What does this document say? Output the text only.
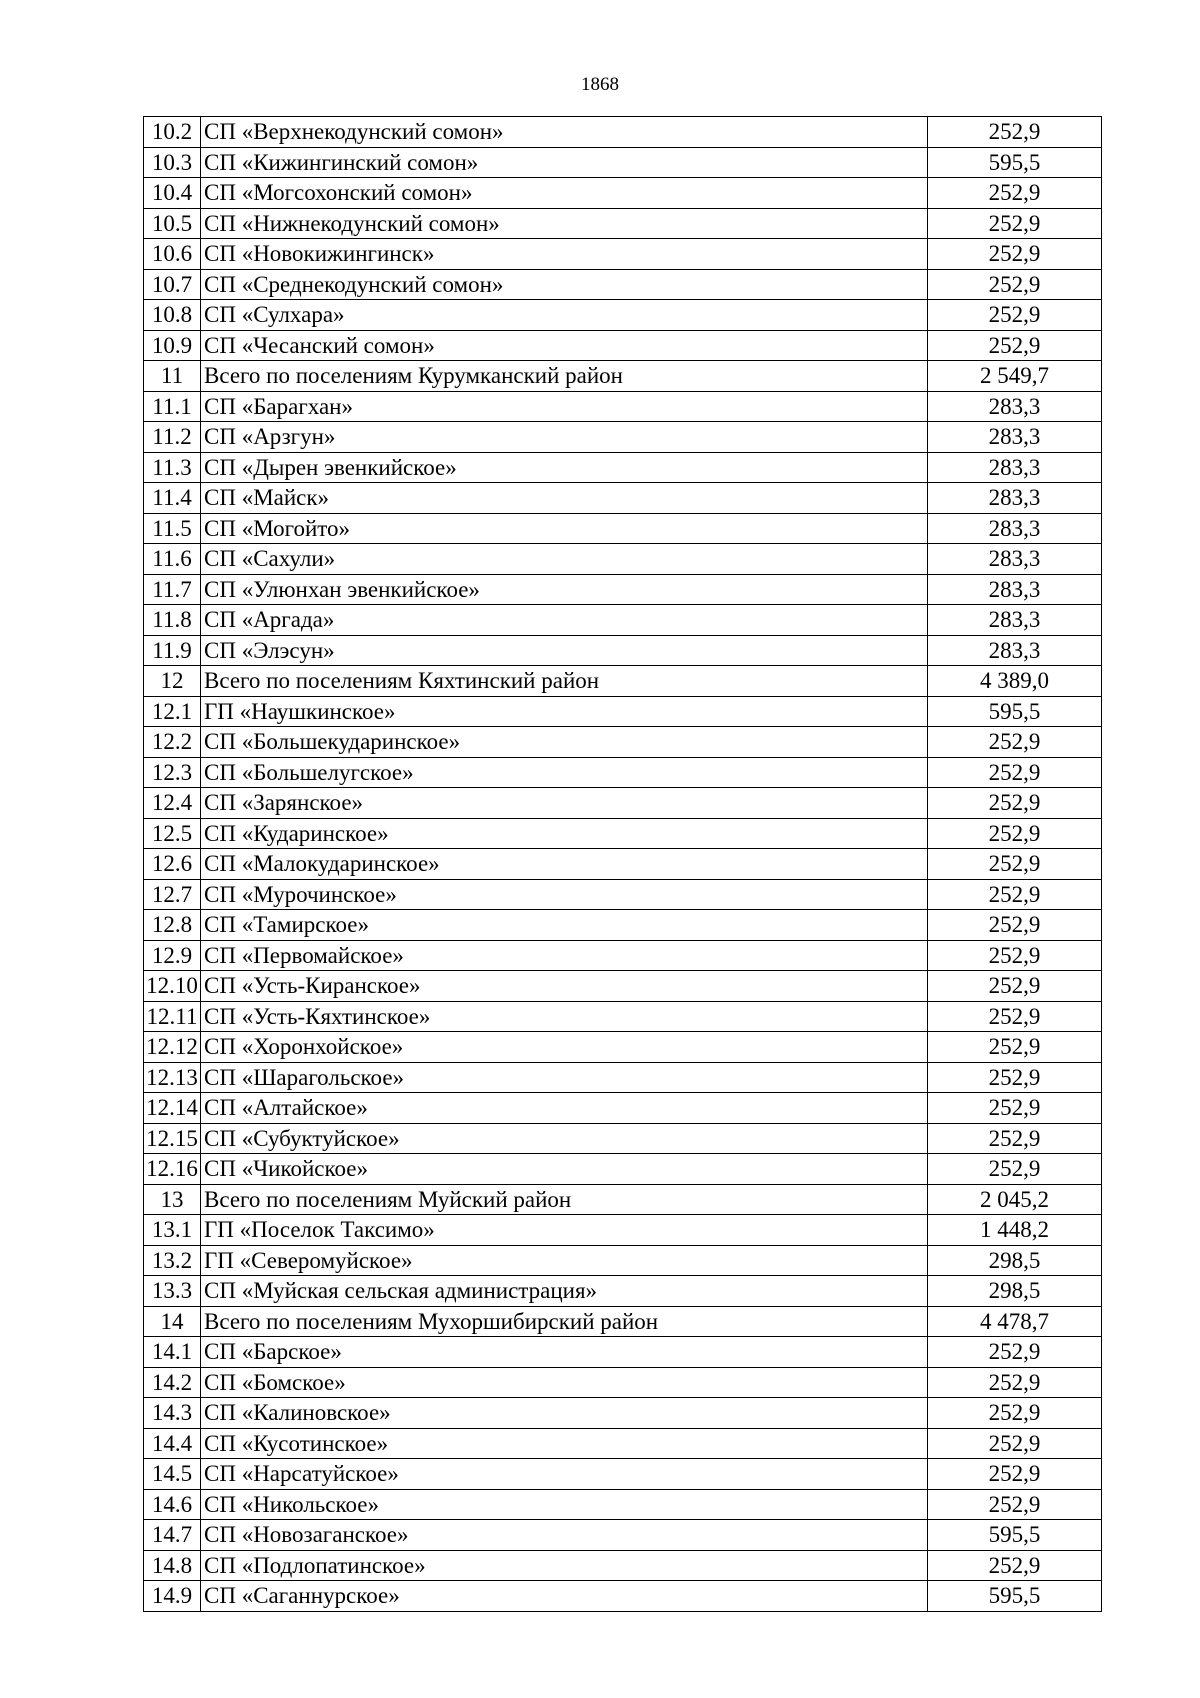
1868
10.2	СП «Верхнекодунский сомон»	252,9
10.3	СП «Кижингинский сомон»	595,5
10.4	СП «Могсохонский сомон»	252,9
10.5	СП «Нижнекодунский сомон»	252,9
10.6	СП «Новокижингинск»	252,9
10.7	СП «Среднекодунский сомон»	252,9
10.8	СП «Сулхара»	252,9
10.9	СП «Чесанский сомон»	252,9
11	Всего по поселениям Курумканский район	2 549,7
11.1	СП «Барагхан»	283,3
11.2	СП «Арзгун»	283,3
11.3	СП «Дырен эвенкийское»	283,3
11.4	СП «Майск»	283,3
11.5	СП «Могойто»	283,3
11.6	СП «Сахули»	283,3
11.7	СП «Улюнхан эвенкийское»	283,3
11.8	СП «Аргада»	283,3
11.9	СП «Элэсун»	283,3
12	Всего по поселениям Кяхтинский район	4 389,0
12.1	ГП «Наушкинское»	595,5
12.2	СП «Большекударинское»	252,9
12.3	СП «Большелугское»	252,9
12.4	СП «Зарянское»	252,9
12.5	СП «Кударинское»	252,9
12.6	СП «Малокударинское»	252,9
12.7	СП «Мурочинское»	252,9
12.8	СП «Тамирское»	252,9
12.9	СП «Первомайское»	252,9
12.10	СП «Усть-Киранское»	252,9
12.11	СП «Усть-Кяхтинское»	252,9
12.12	СП «Хоронхойское»	252,9
12.13	СП «Шарагольское»	252,9
12.14	СП «Алтайское»	252,9
12.15	СП «Субуктуйское»	252,9
12.16	СП «Чикойское»	252,9
13	Всего по поселениям Муйский район	2 045,2
13.1	ГП «Поселок Таксимо»	1 448,2
13.2	ГП «Северомуйское»	298,5
13.3	СП «Муйская сельская администрация»	298,5
14	Всего по поселениям Мухоршибирский район	4 478,7
14.1	СП «Барское»	252,9
14.2	СП «Бомское»	252,9
14.3	СП «Калиновское»	252,9
14.4	СП «Кусотинское»	252,9
14.5	СП «Нарсатуйское»	252,9
14.6	СП «Никольское»	252,9
14.7	СП «Новозаганское»	595,5
14.8	СП «Подлопатинское»	252,9
14.9	СП «Саганнурское»	595,5
